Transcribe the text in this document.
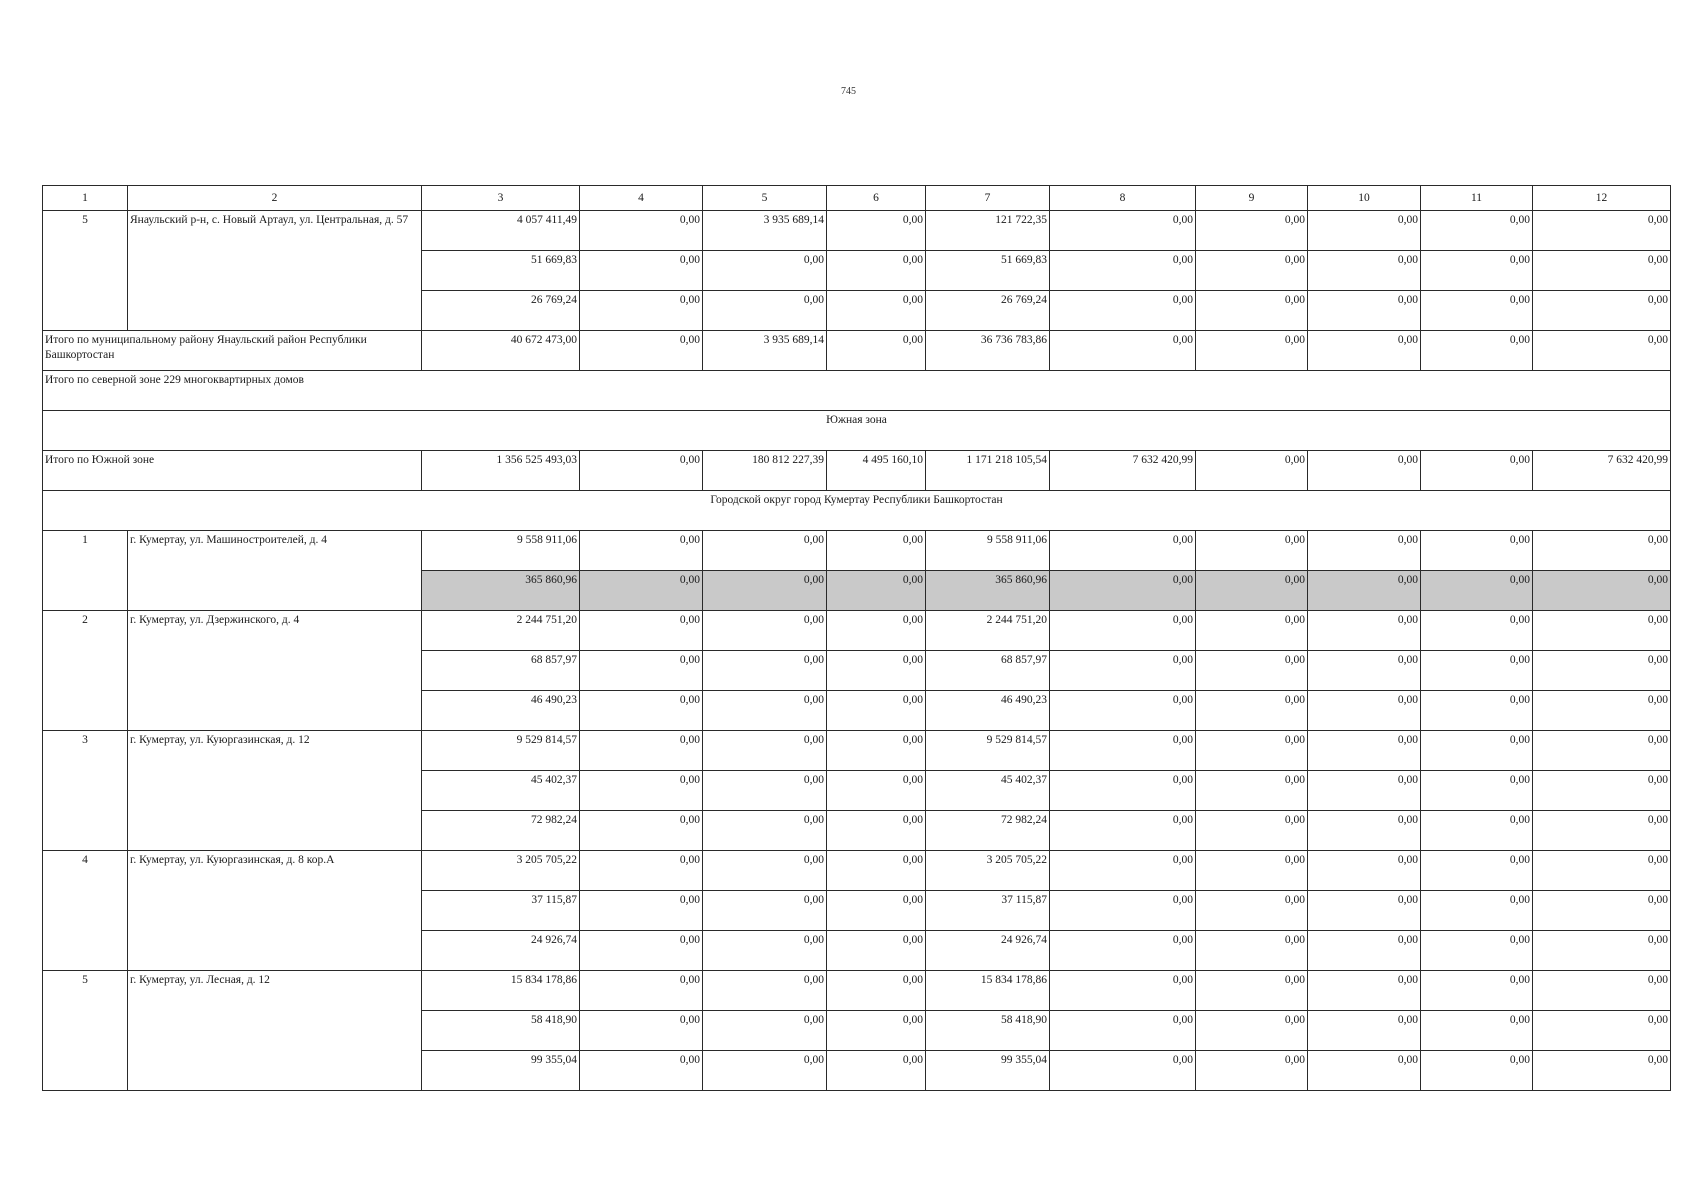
745
1	2	3	4	5	6	7	8	9	10	11	12
5	Янаульский р-н, с. Новый Артаул, ул. Центральная, д. 57	4 057 411,49	0,00	3 935 689,14	0,00	121 722,35	0,00	0,00	0,00	0,00	0,00
		51 669,83	0,00	0,00	0,00	51 669,83	0,00	0,00	0,00	0,00	0,00
		26 769,24	0,00	0,00	0,00	26 769,24	0,00	0,00	0,00	0,00	0,00
Итого по муниципальному району Янаульский район Республики Башкортостан		40 672 473,00	0,00	3 935 689,14	0,00	36 736 783,86	0,00	0,00	0,00	0,00	0,00
Итого по северной зоне 229 многоквартирных домов											
Южная зона											
Итого по Южной зоне		1 356 525 493,03	0,00	180 812 227,39	4 495 160,10	1 171 218 105,54	7 632 420,99	0,00	0,00	0,00	7 632 420,99
Городской округ город Кумертау Республики Башкортостан											
1	г. Кумертау, ул. Машиностроителей, д. 4	9 558 911,06	0,00	0,00	0,00	9 558 911,06	0,00	0,00	0,00	0,00	0,00
		365 860,96	0,00	0,00	0,00	365 860,96	0,00	0,00	0,00	0,00	0,00
2	г. Кумертау, ул. Дзержинского, д. 4	2 244 751,20	0,00	0,00	0,00	2 244 751,20	0,00	0,00	0,00	0,00	0,00
		68 857,97	0,00	0,00	0,00	68 857,97	0,00	0,00	0,00	0,00	0,00
		46 490,23	0,00	0,00	0,00	46 490,23	0,00	0,00	0,00	0,00	0,00
3	г. Кумертау, ул. Куюргазинская, д. 12	9 529 814,57	0,00	0,00	0,00	9 529 814,57	0,00	0,00	0,00	0,00	0,00
		45 402,37	0,00	0,00	0,00	45 402,37	0,00	0,00	0,00	0,00	0,00
		72 982,24	0,00	0,00	0,00	72 982,24	0,00	0,00	0,00	0,00	0,00
4	г. Кумертау, ул. Куюргазинская, д. 8 кор.А	3 205 705,22	0,00	0,00	0,00	3 205 705,22	0,00	0,00	0,00	0,00	0,00
		37 115,87	0,00	0,00	0,00	37 115,87	0,00	0,00	0,00	0,00	0,00
		24 926,74	0,00	0,00	0,00	24 926,74	0,00	0,00	0,00	0,00	0,00
5	г. Кумертау, ул. Лесная, д. 12	15 834 178,86	0,00	0,00	0,00	15 834 178,86	0,00	0,00	0,00	0,00	0,00
		58 418,90	0,00	0,00	0,00	58 418,90	0,00	0,00	0,00	0,00	0,00
		99 355,04	0,00	0,00	0,00	99 355,04	0,00	0,00	0,00	0,00	0,00
